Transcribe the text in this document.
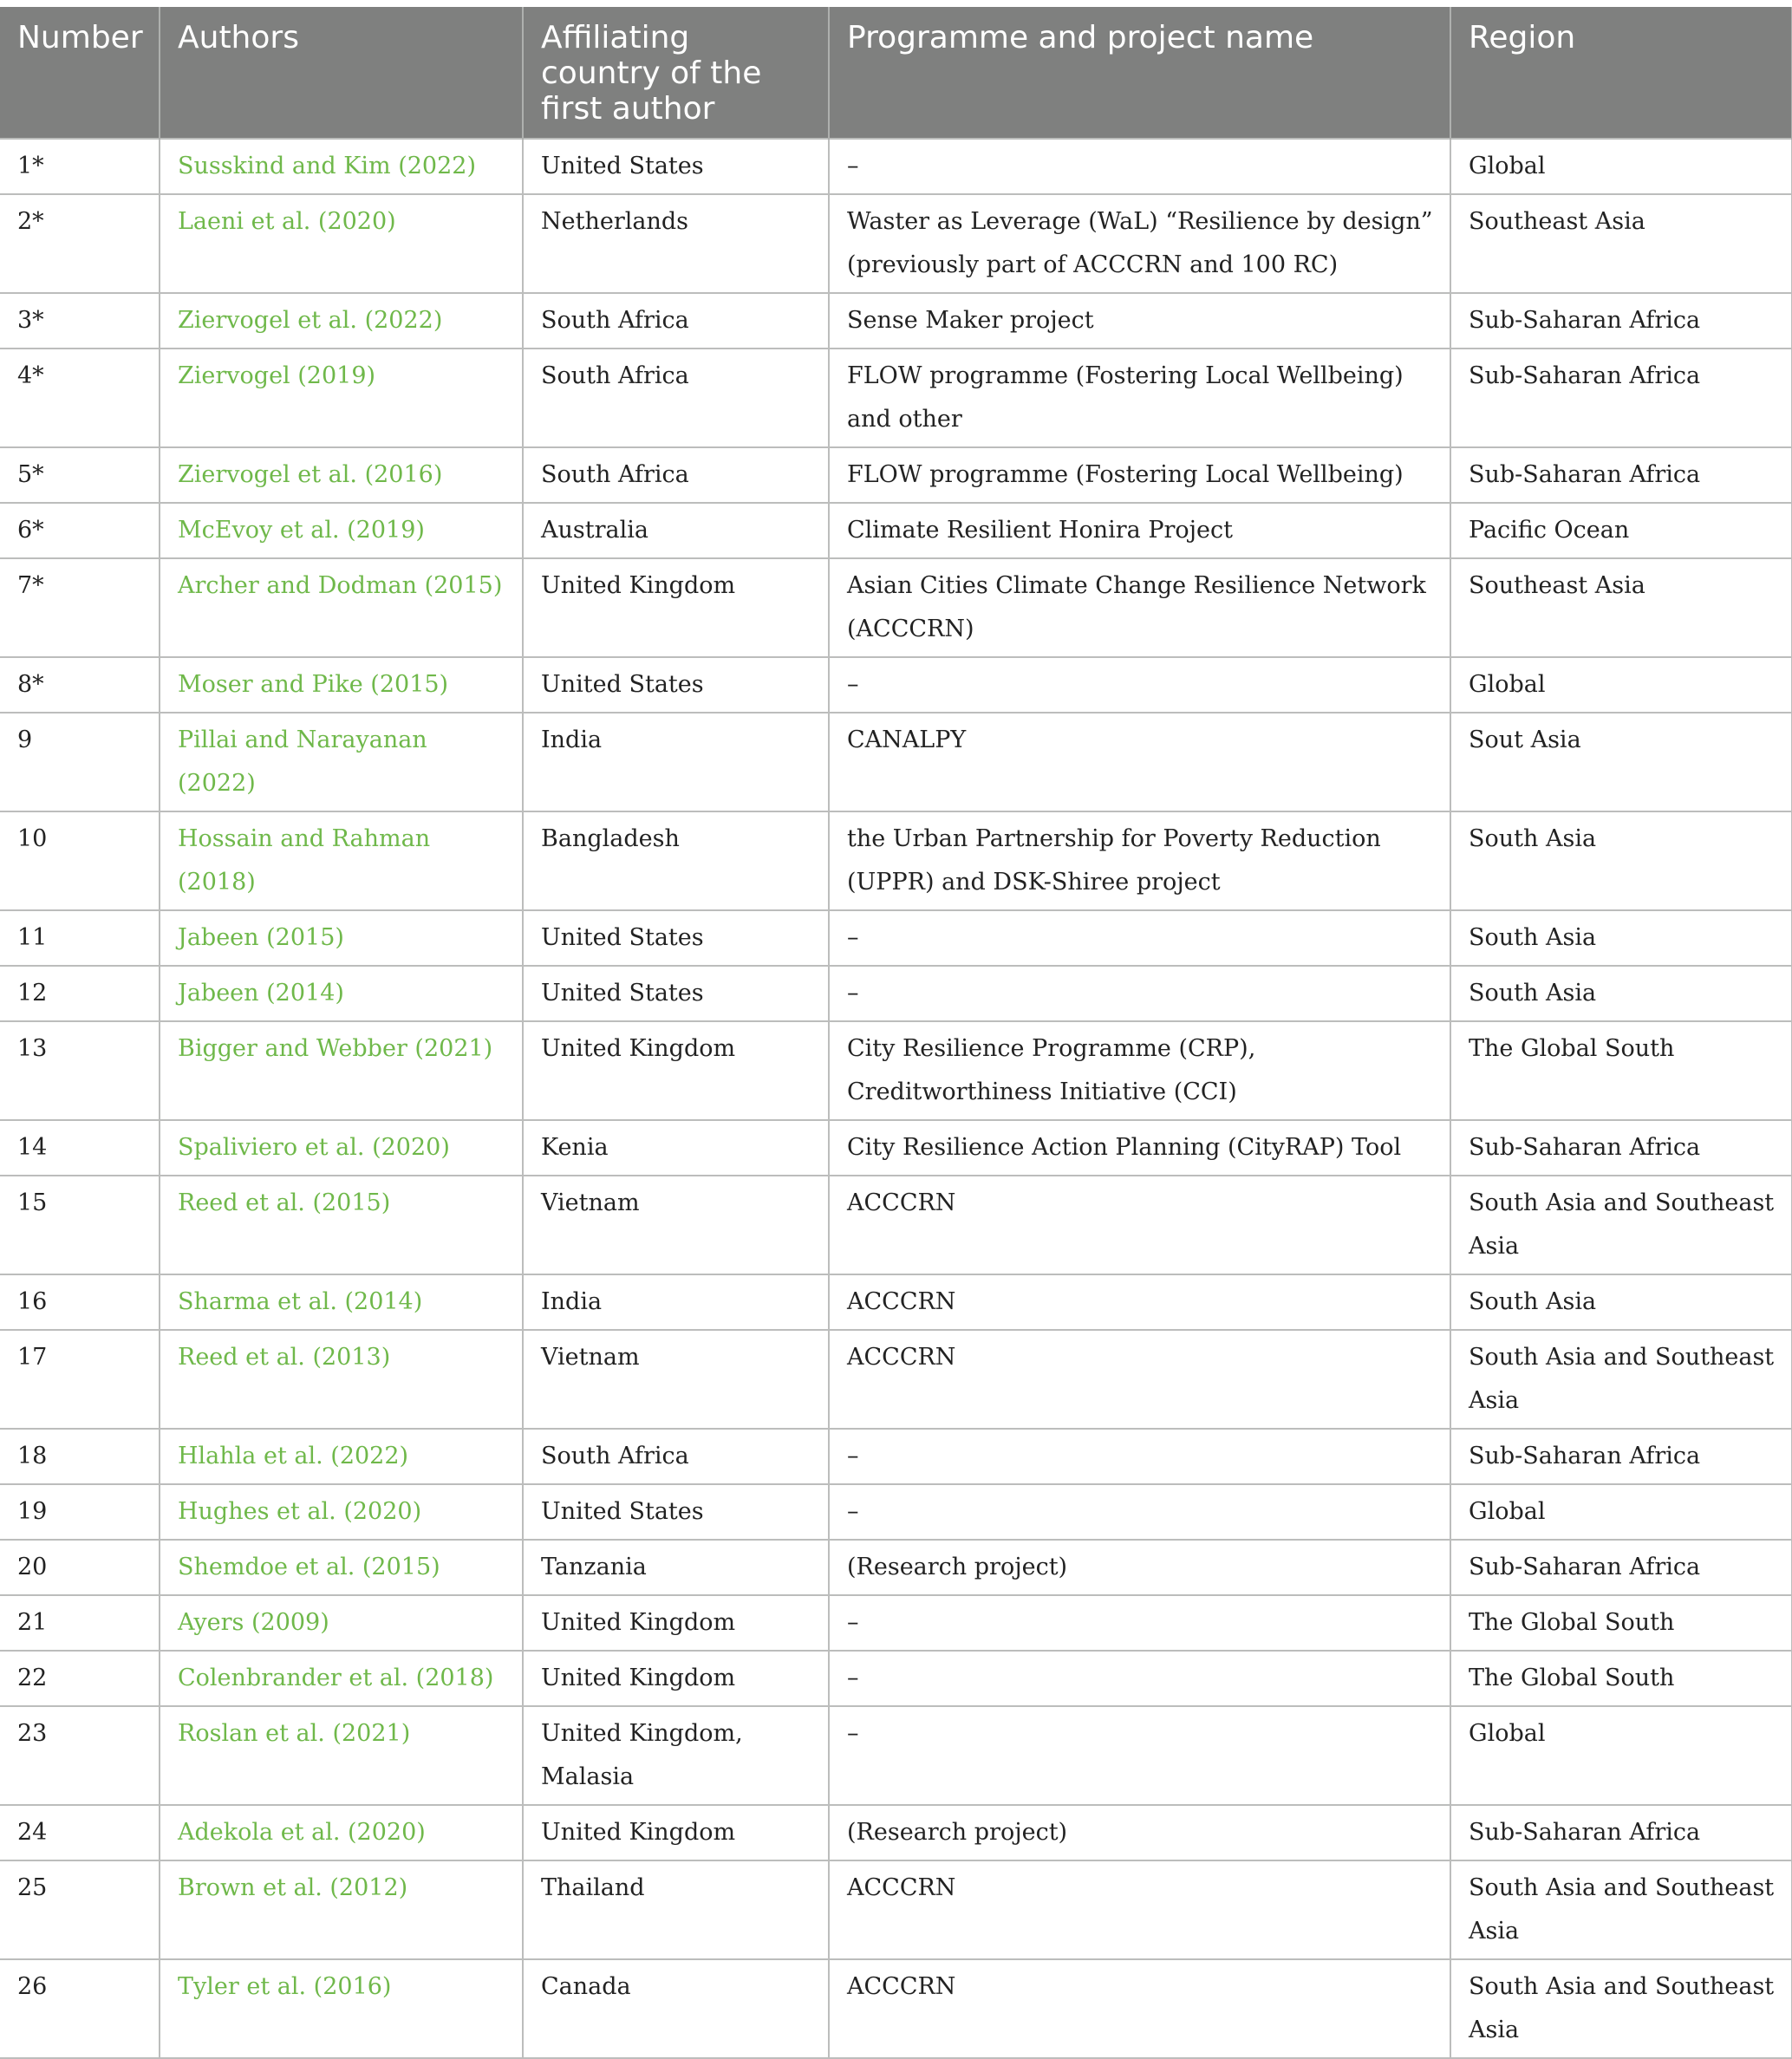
Number	Authors	Affiliating country of the first author	Programme and project name	Region
1*	Susskind and Kim (2022)	United States	–	Global
2*	Laeni et al. (2020)	Netherlands	Waster as Leverage (WaL) “Resilience by design” (previously part of ACCCRN and 100 RC)	Southeast Asia
3*	Ziervogel et al. (2022)	South Africa	Sense Maker project	Sub-Saharan Africa
4*	Ziervogel (2019)	South Africa	FLOW programme (Fostering Local Wellbeing) and other	Sub-Saharan Africa
5*	Ziervogel et al. (2016)	South Africa	FLOW programme (Fostering Local Wellbeing)	Sub-Saharan Africa
6*	McEvoy et al. (2019)	Australia	Climate Resilient Honira Project	Pacific Ocean
7*	Archer and Dodman (2015)	United Kingdom	Asian Cities Climate Change Resilience Network (ACCCRN)	Southeast Asia
8*	Moser and Pike (2015)	United States	–	Global
9	Pillai and Narayanan (2022)	India	CANALPY	Sout Asia
10	Hossain and Rahman (2018)	Bangladesh	the Urban Partnership for Poverty Reduction (UPPR) and DSK-Shiree project	South Asia
11	Jabeen (2015)	United States	–	South Asia
12	Jabeen (2014)	United States	–	South Asia
13	Bigger and Webber (2021)	United Kingdom	City Resilience Programme (CRP), Creditworthiness Initiative (CCI)	The Global South
14	Spaliviero et al. (2020)	Kenia	City Resilience Action Planning (CityRAP) Tool	Sub-Saharan Africa
15	Reed et al. (2015)	Vietnam	ACCCRN	South Asia and Southeast Asia
16	Sharma et al. (2014)	India	ACCCRN	South Asia
17	Reed et al. (2013)	Vietnam	ACCCRN	South Asia and Southeast Asia
18	Hlahla et al. (2022)	South Africa	–	Sub-Saharan Africa
19	Hughes et al. (2020)	United States	–	Global
20	Shemdoe et al. (2015)	Tanzania	(Research project)	Sub-Saharan Africa
21	Ayers (2009)	United Kingdom	–	The Global South
22	Colenbrander et al. (2018)	United Kingdom	–	The Global South
23	Roslan et al. (2021)	United Kingdom, Malasia	–	Global
24	Adekola et al. (2020)	United Kingdom	(Research project)	Sub-Saharan Africa
25	Brown et al. (2012)	Thailand	ACCCRN	South Asia and Southeast Asia
26	Tyler et al. (2016)	Canada	ACCCRN	South Asia and Southeast Asia
